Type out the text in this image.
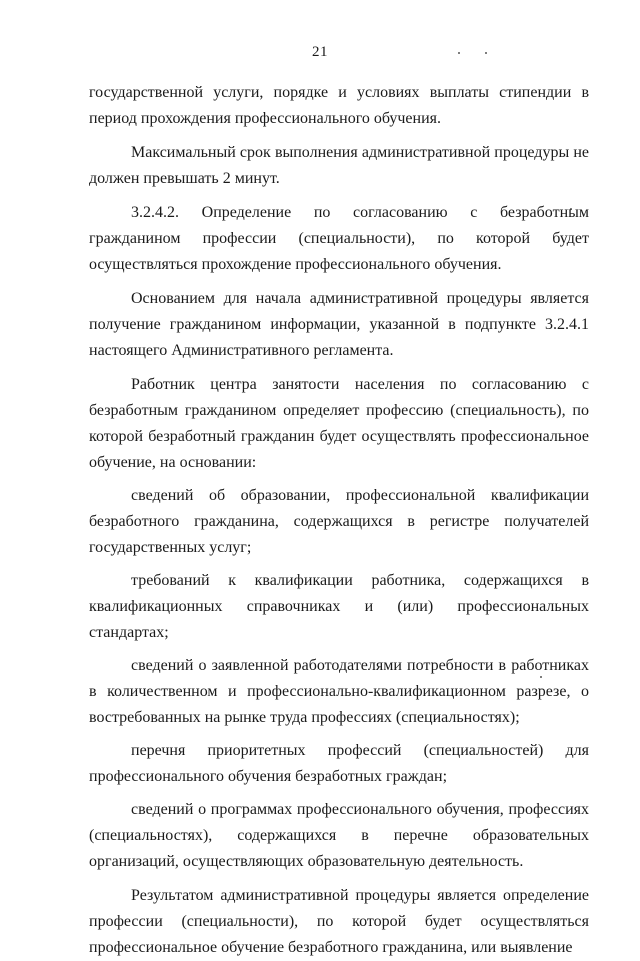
21

государственной услуги, порядке и условиях выплаты стипендии в период прохождения профессионального обучения.

Максимальный срок выполнения административной процедуры не должен превышать 2 минут.

3.2.4.2. Определение по согласованию с безработным гражданином профессии (специальности), по которой будет осуществляться прохождение профессионального обучения.

Основанием для начала административной процедуры является получение гражданином информации, указанной в подпункте 3.2.4.1 настоящего Административного регламента.

Работник центра занятости населения по согласованию с безработным гражданином определяет профессию (специальность), по которой безработный гражданин будет осуществлять профессиональное обучение, на основании:

сведений об образовании, профессиональной квалификации безработного гражданина, содержащихся в регистре получателей государственных услуг;

требований к квалификации работника, содержащихся в квалификационных справочниках и (или) профессиональных стандартах;

сведений о заявленной работодателями потребности в работниках в количественном и профессионально-квалификационном разрезе, о востребованных на рынке труда профессиях (специальностях);

перечня приоритетных профессий (специальностей) для профессионального обучения безработных граждан;

сведений о программах профессионального обучения, профессиях (специальностях), содержащихся в перечне образовательных организаций, осуществляющих образовательную деятельность.

Результатом административной процедуры является определение профессии (специальности), по которой будет осуществляться профессиональное обучение безработного гражданина, или выявление
